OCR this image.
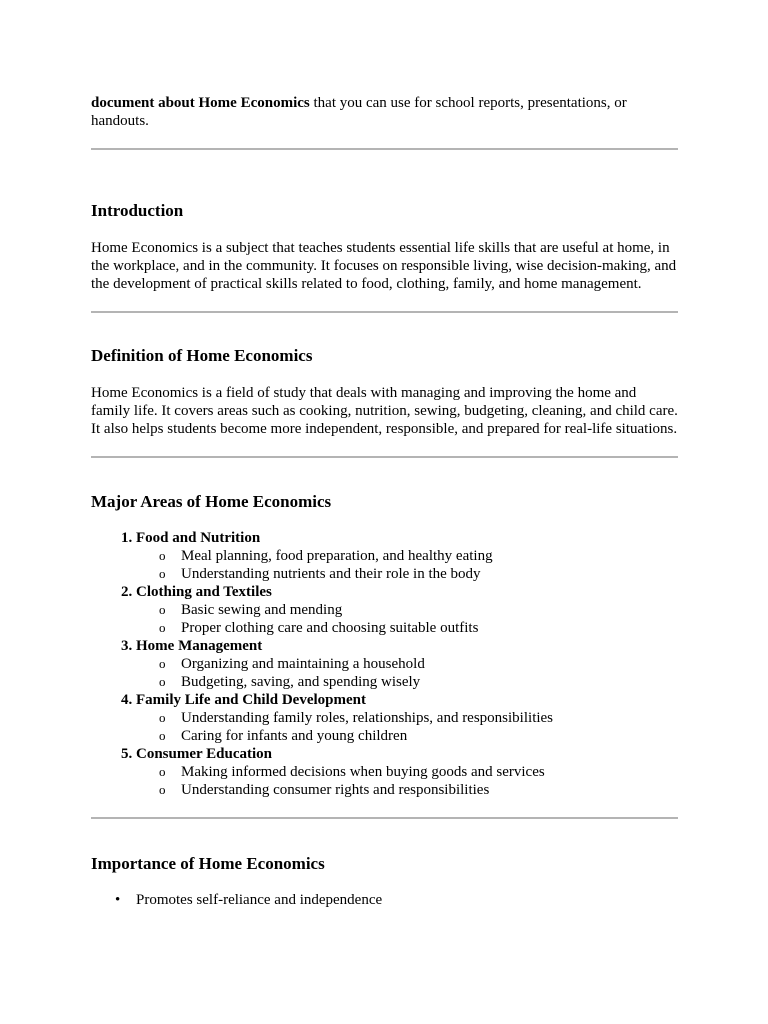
document about Home Economics that you can use for school reports, presentations, or handouts.

Introduction

Home Economics is a subject that teaches students essential life skills that are useful at home, in the workplace, and in the community. It focuses on responsible living, wise decision-making, and the development of practical skills related to food, clothing, family, and home management.

Definition of Home Economics

Home Economics is a field of study that deals with managing and improving the home and family life. It covers areas such as cooking, nutrition, sewing, budgeting, cleaning, and child care. It also helps students become more independent, responsible, and prepared for real-life situations.

Major Areas of Home Economics
1. Food and Nutrition
o Meal planning, food preparation, and healthy eating
o Understanding nutrients and their role in the body
2. Clothing and Textiles
o Basic sewing and mending
o Proper clothing care and choosing suitable outfits
3. Home Management
o Organizing and maintaining a household
o Budgeting, saving, and spending wisely
4. Family Life and Child Development
o Understanding family roles, relationships, and responsibilities
o Caring for infants and young children
5. Consumer Education
o Making informed decisions when buying goods and services
o Understanding consumer rights and responsibilities
Importance of Home Economics
• Promotes self-reliance and independence
